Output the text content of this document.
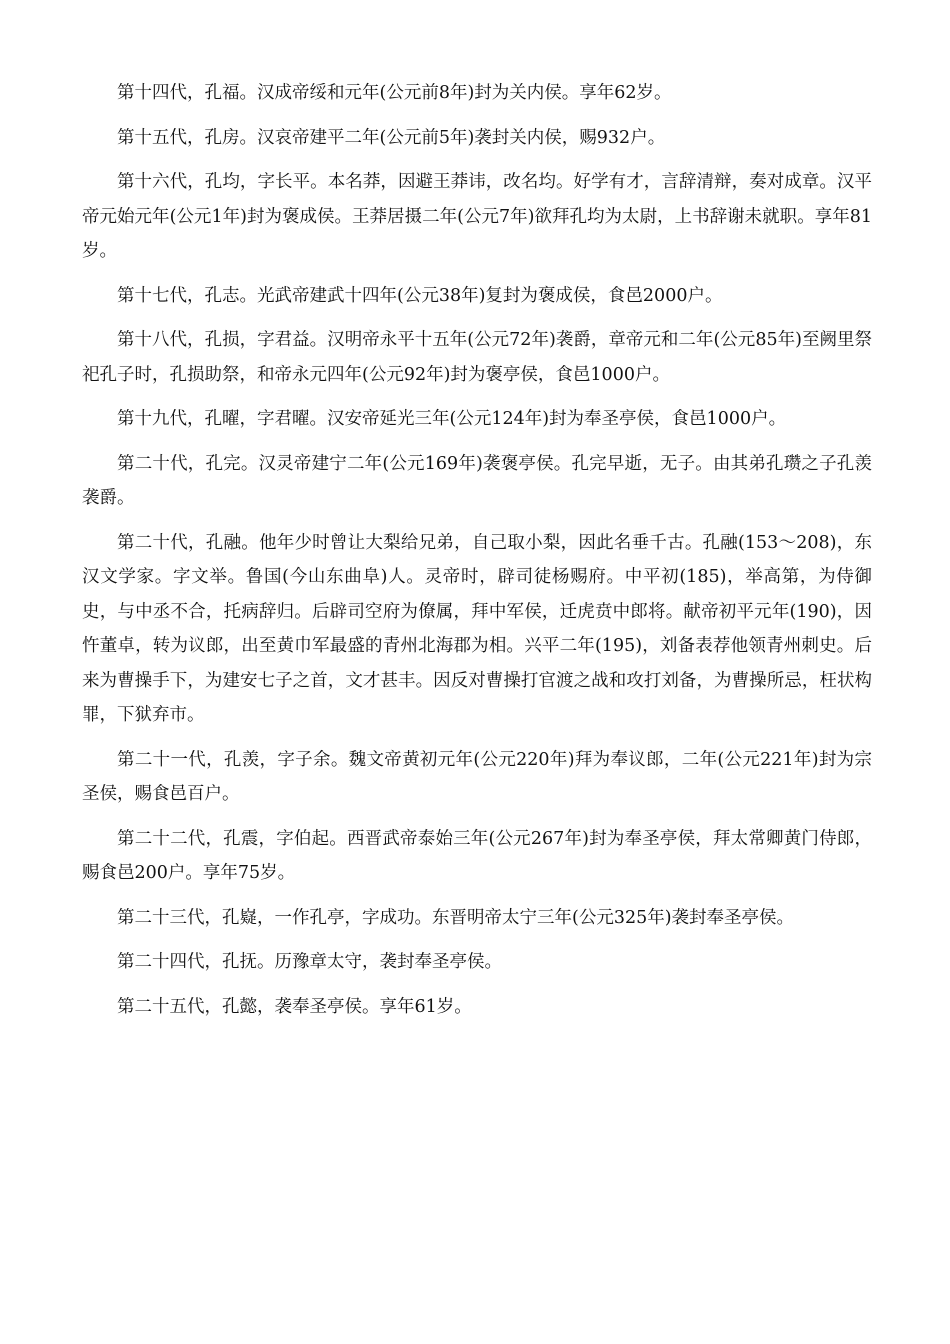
第十四代，孔福。汉成帝绥和元年(公元前8年)封为关内侯。享年62岁。

第十五代，孔房。汉哀帝建平二年(公元前5年)袭封关内侯，赐932户。

第十六代，孔均，字长平。本名莽，因避王莽讳，改名均。好学有才，言辞清辩，奏对成章。汉平帝元始元年(公元1年)封为褒成侯。王莽居摄二年(公元7年)欲拜孔均为太尉，上书辞谢未就职。享年81岁。

第十七代，孔志。光武帝建武十四年(公元38年)复封为褒成侯，食邑2000户。

第十八代，孔损，字君益。汉明帝永平十五年(公元72年)袭爵，章帝元和二年(公元85年)至阙里祭祀孔子时，孔损助祭，和帝永元四年(公元92年)封为褒亭侯，食邑1000户。

第十九代，孔曜，字君曜。汉安帝延光三年(公元124年)封为奉圣亭侯，食邑1000户。

第二十代，孔完。汉灵帝建宁二年(公元169年)袭褒亭侯。孔完早逝，无子。由其弟孔瓒之子孔羡袭爵。

第二十代，孔融。他年少时曾让大梨给兄弟，自己取小梨，因此名垂千古。孔融(153～208)，东汉文学家。字文举。鲁国(今山东曲阜)人。灵帝时，辟司徒杨赐府。中平初(185)，举高第，为侍御史，与中丞不合，托病辞归。后辟司空府为僚属，拜中军侯，迁虎贲中郎将。献帝初平元年(190)，因忤董卓，转为议郎，出至黄巾军最盛的青州北海郡为相。兴平二年(195)，刘备表荐他领青州刺史。后来为曹操手下，为建安七子之首，文才甚丰。因反对曹操打官渡之战和攻打刘备，为曹操所忌，枉状构罪，下狱弃市。

第二十一代，孔羡，字子余。魏文帝黄初元年(公元220年)拜为奉议郎，二年(公元221年)封为宗圣侯，赐食邑百户。

第二十二代，孔震，字伯起。西晋武帝泰始三年(公元267年)封为奉圣亭侯，拜太常卿黄门侍郎，赐食邑200户。享年75岁。

第二十三代，孔嶷，一作孔亭，字成功。东晋明帝太宁三年(公元325年)袭封奉圣亭侯。

第二十四代，孔抚。历豫章太守，袭封奉圣亭侯。

第二十五代，孔懿，袭奉圣亭侯。享年61岁。
